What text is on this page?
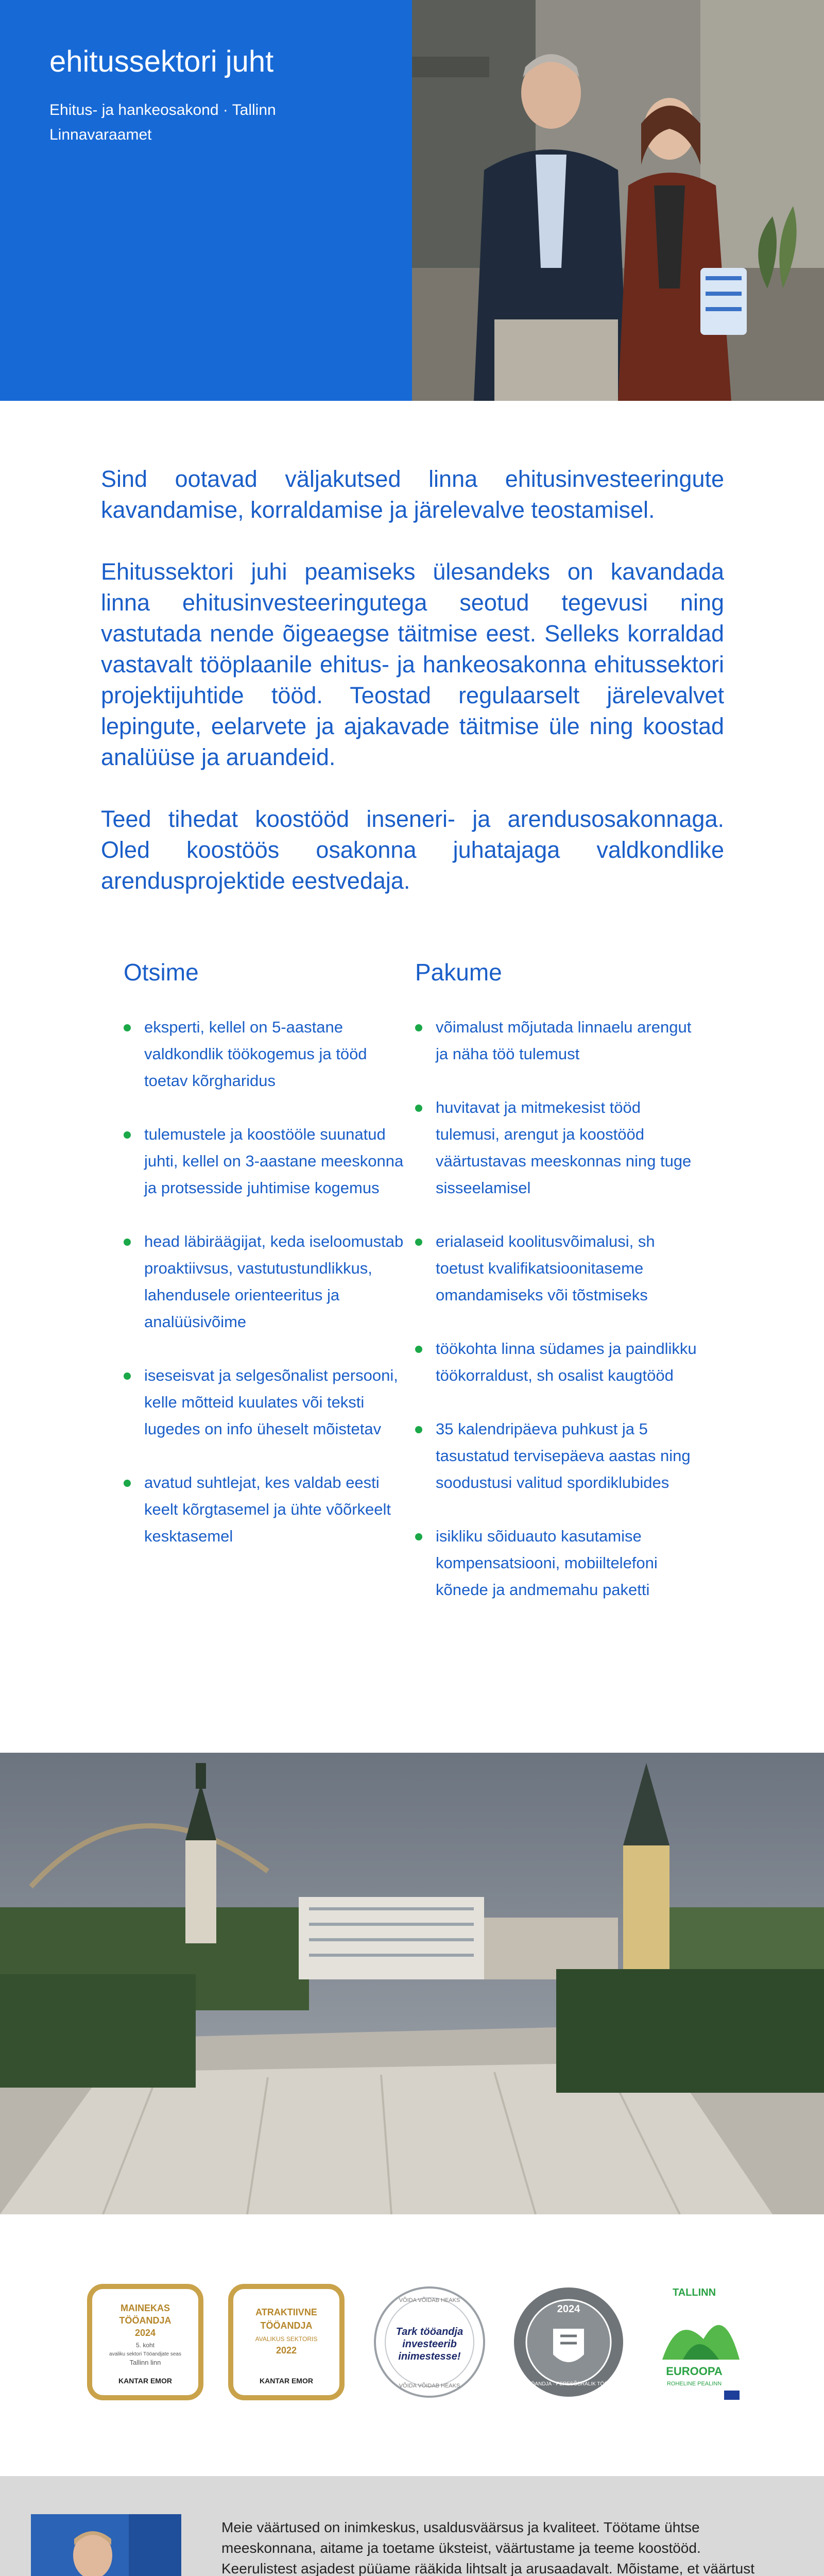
ehitussektori juht

Ehitus- ja hankeosakond · Tallinn Linnavaraamet

Sind ootavad väljakutsed linna ehitusinvesteeringute kavandamise, korraldamise ja järelevalve teostamisel.

Ehitussektori juhi peamiseks ülesandeks on kavandada linna ehitusinvesteeringutega seotud tegevusi ning vastutada nende õigeaegse täitmise eest. Selleks korraldad vastavalt tööplaanile ehitus- ja hankeosakonna ehitussektori projektijuhtide tööd. Teostad regulaarselt järelevalvet lepingute, eelarvete ja ajakavade täitmise üle ning koostad analüüse ja aruandeid.

Teed tihedat koostööd inseneri- ja arendusosakonnaga. Oled koostöös osakonna juhatajaga valdkondlike arendusprojektide eestvedaja.

Otsime
eksperti, kellel on 5-aastane valdkondlik töökogemus ja tööd toetav kõrgharidus
tulemustele ja koostööle suunatud juhti, kellel on 3-aastane meeskonna ja protsesside juhtimise kogemus
head läbiräägijat, keda iseloomustab proaktiivsus, vastutustundlikkus, lahendusele orienteeritus ja analüüsivõime
iseseisvat ja selgesõnalist persooni, kelle mõtteid kuulates või teksti lugedes on info üheselt mõistetav
avatud suhtlejat, kes valdab eesti keelt kõrgtasemel ja ühte võõrkeelt kesktasemel
Pakume
võimalust mõjutada linnaelu arengut ja näha töö tulemust
huvitavat ja mitmekesist tööd tulemusi, arengut ja koostööd väärtustavas meeskonnas ning tuge sisseelamisel
erialaseid koolitusvõimalusi, sh toetust kvalifikatsioonitaseme omandamiseks või tõstmiseks
töökohta linna südames ja paindlikku töökorraldust, sh osalist kaugtööd
35 kalendripäeva puhkust ja 5 tasustatud tervisepäeva aastas ning soodustusi valitud spordiklubides
isikliku sõiduauto kasutamise kompensatsiooni, mobiiltelefoni kõnede ja andmemahu paketti
MAINEKAS
TÖÖANDJA
2024
5. koht
avaliku sektori Tööandjate seas
Tallinn linn
KANTAR EMOR
ATRAKTIIVNE
TÖÖANDJA
AVALIKUS SEKTORIS
2022
KANTAR EMOR
VÕIDA VÕIDAB HEAKS
Tark tööandja
investeerib
inimestesse!
VÕIDA VÕIDAB HEAKS
2024
HEA TÖÖANDJA · PERESÕBRALIK TÖÖANDJA
TALLINN
EUROOPA
ROHELINE PEALINN

Meie väärtused on inimkeskus, usaldusväärsus ja kvaliteet. Töötame ühtse meeskonnana, aitame ja toetame üksteist, väärtustame ja teeme koostööd. Keerulistest asjadest püüame rääkida lihtsalt ja arusaadavalt. Mõistame, et väärtust
